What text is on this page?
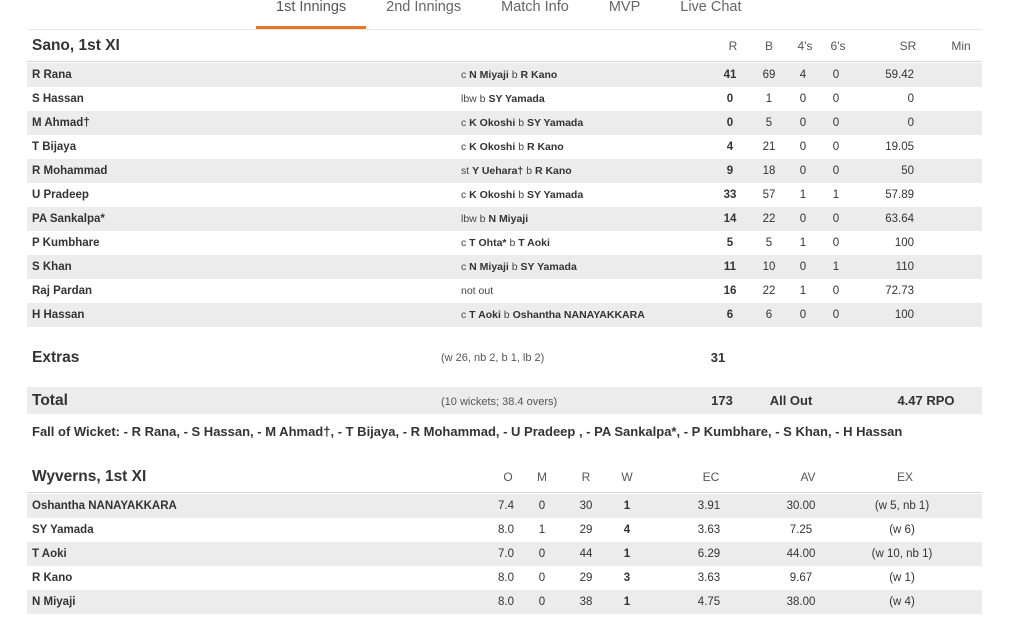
1st Innings	2nd Innings	Match Info	MVP	Live Chat
Sano, 1st XI	R	B	4's	6's	SR	Min
R Rana	c N Miyaji b R Kano	41	69	4	0	59.42
S Hassan	lbw b SY Yamada	0	1	0	0	0
M Ahmad†	c K Okoshi b SY Yamada	0	5	0	0	0
T Bijaya	c K Okoshi b R Kano	4	21	0	0	19.05
R Mohammad	st Y Uehara† b R Kano	9	18	0	0	50
U Pradeep	c K Okoshi b SY Yamada	33	57	1	1	57.89
PA Sankalpa*	lbw b N Miyaji	14	22	0	0	63.64
P Kumbhare	c T Ohta* b T Aoki	5	5	1	0	100
S Khan	c N Miyaji b SY Yamada	11	10	0	1	110
Raj Pardan	not out	16	22	1	0	72.73
H Hassan	c T Aoki b Oshantha NANAYAKKARA	6	6	0	0	100
Extras	(w 26, nb 2, b 1, lb 2)	31
Total	(10 wickets; 38.4 overs)	173	All Out	4.47 RPO
Fall of Wicket: - R Rana, - S Hassan, - M Ahmad†, - T Bijaya, - R Mohammad, - U Pradeep , - PA Sankalpa*, - P Kumbhare, - S Khan, - H Hassan
Wyverns, 1st XI	O	M	R	W	EC	AV	EX
Oshantha NANAYAKKARA	7.4	0	30	1	3.91	30.00	(w 5, nb 1)
SY Yamada	8.0	1	29	4	3.63	7.25	(w 6)
T Aoki	7.0	0	44	1	6.29	44.00	(w 10, nb 1)
R Kano	8.0	0	29	3	3.63	9.67	(w 1)
N Miyaji	8.0	0	38	1	4.75	38.00	(w 4)
